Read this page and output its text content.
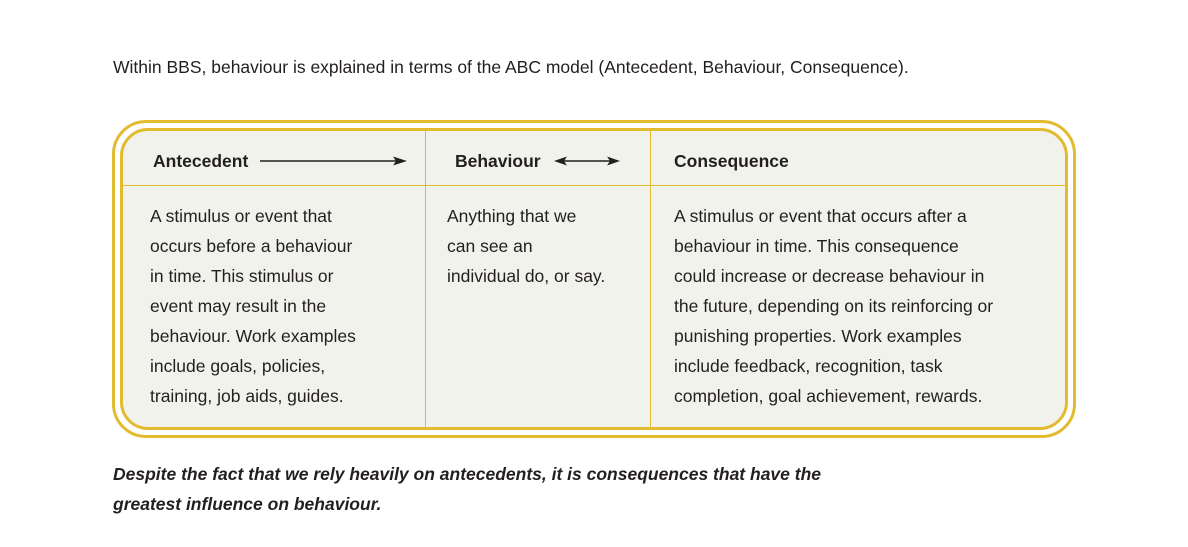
Within BBS, behaviour is explained in terms of the ABC model (Antecedent, Behaviour, Consequence).

Antecedent	Behaviour	Consequence
A stimulus or event that
occurs before a behaviour
in time. This stimulus or
event may result in the
behaviour. Work examples
include goals, policies,
training, job aids, guides.
Anything that we
can see an
individual do, or say.
A stimulus or event that occurs after a
behaviour in time. This consequence
could increase or decrease behaviour in
the future, depending on its reinforcing or
punishing properties. Work examples
include feedback, recognition, task
completion, goal achievement, rewards.
Despite the fact that we rely heavily on antecedents, it is consequences that have the
greatest influence on behaviour.
